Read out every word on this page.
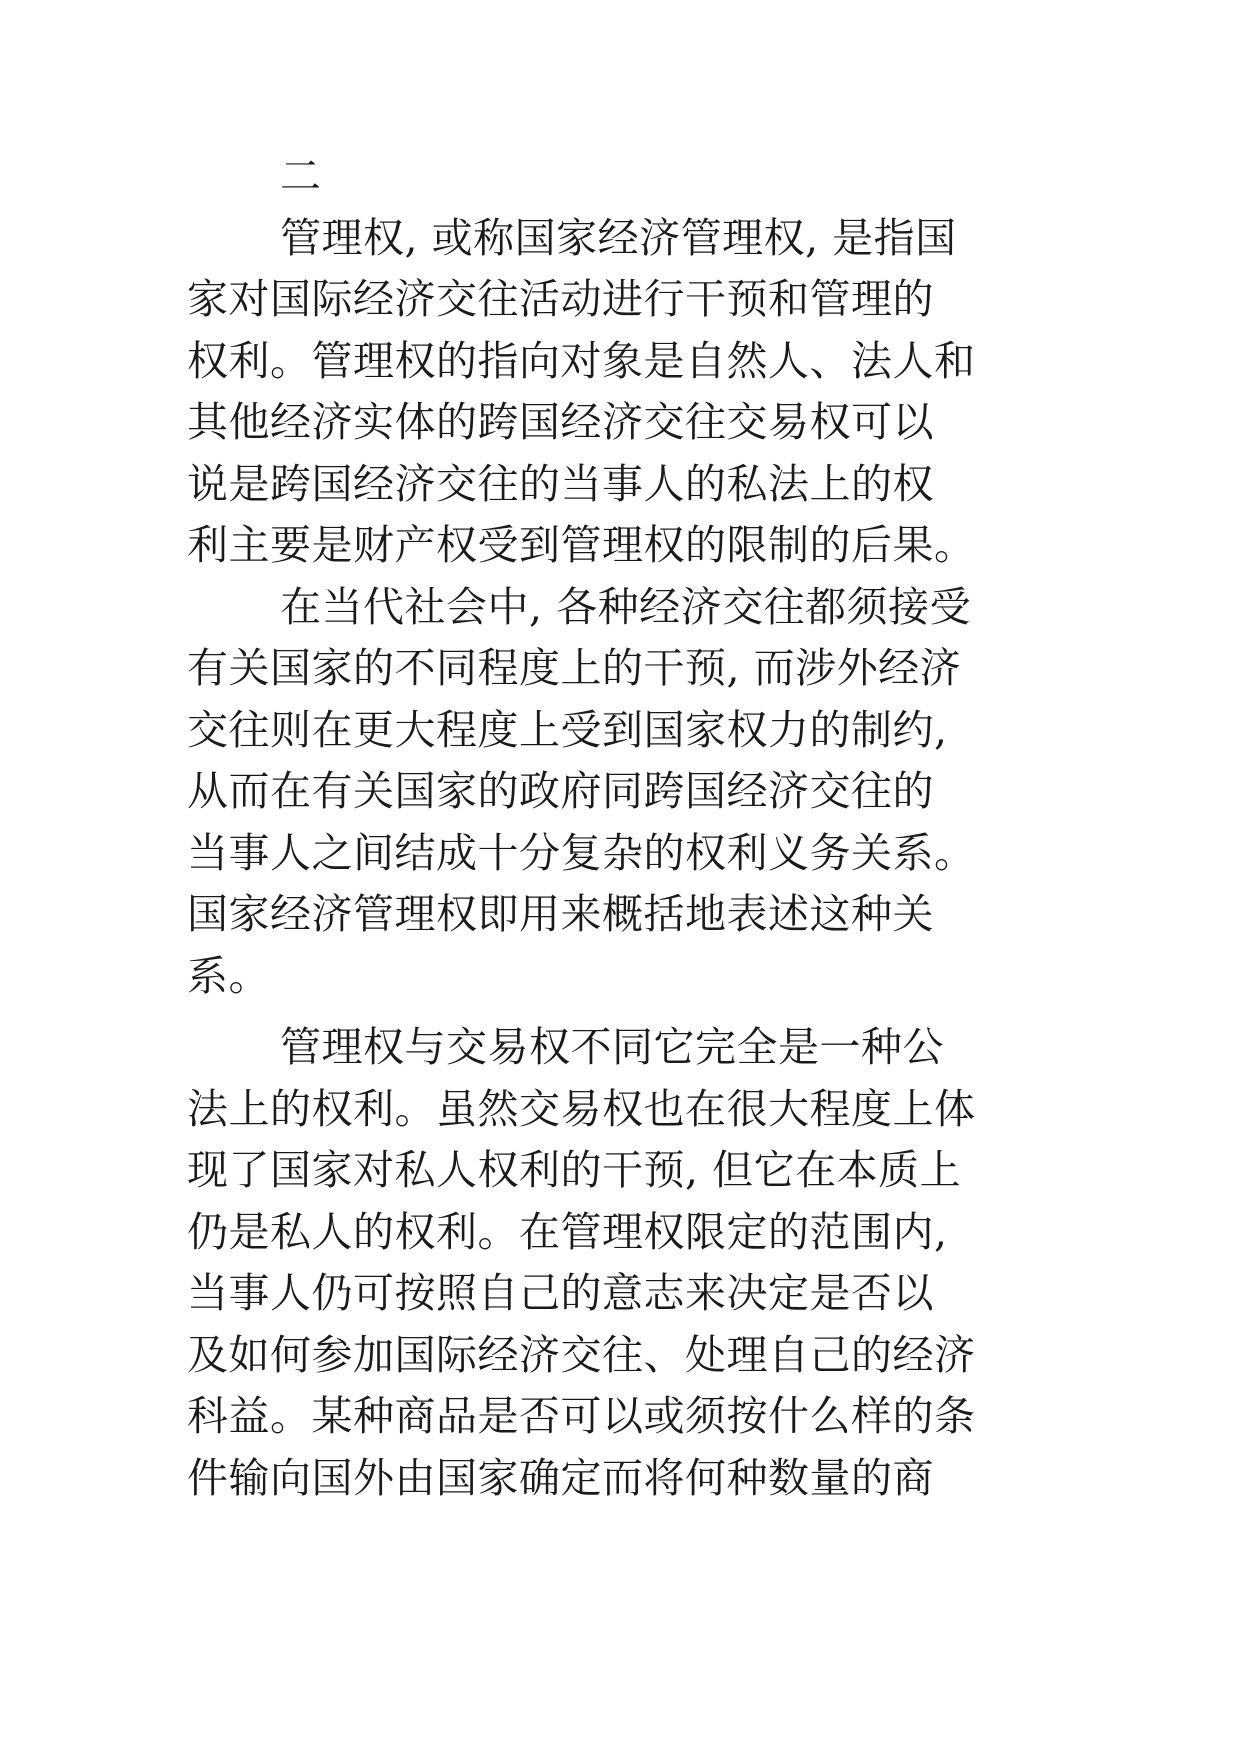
二
管理权, 或称国家经济管理权, 是指国
家对国际经济交往活动进行干预和管理的
权利。管理权的指向对象是自然人、法人和
其他经济实体的跨国经济交往交易权可以
说是跨国经济交往的当事人的私法上的权
利主要是财产权受到管理权的限制的后果。
在当代社会中, 各种经济交往都须接受
有关国家的不同程度上的干预, 而涉外经济
交往则在更大程度上受到国家权力的制约,
从而在有关国家的政府同跨国经济交往的
当事人之间结成十分复杂的权利义务关系。
国家经济管理权即用来概括地表述这种关
系。
管理权与交易权不同它完全是一种公
法上的权利。虽然交易权也在很大程度上体
现了国家对私人权利的干预, 但它在本质上
仍是私人的权利。在管理权限定的范围内,
当事人仍可按照自己的意志来决定是否以
及如何参加国际经济交往、处理自己的经济
科益。某种商品是否可以或须按什么样的条
件输向国外由国家确定而将何种数量的商
